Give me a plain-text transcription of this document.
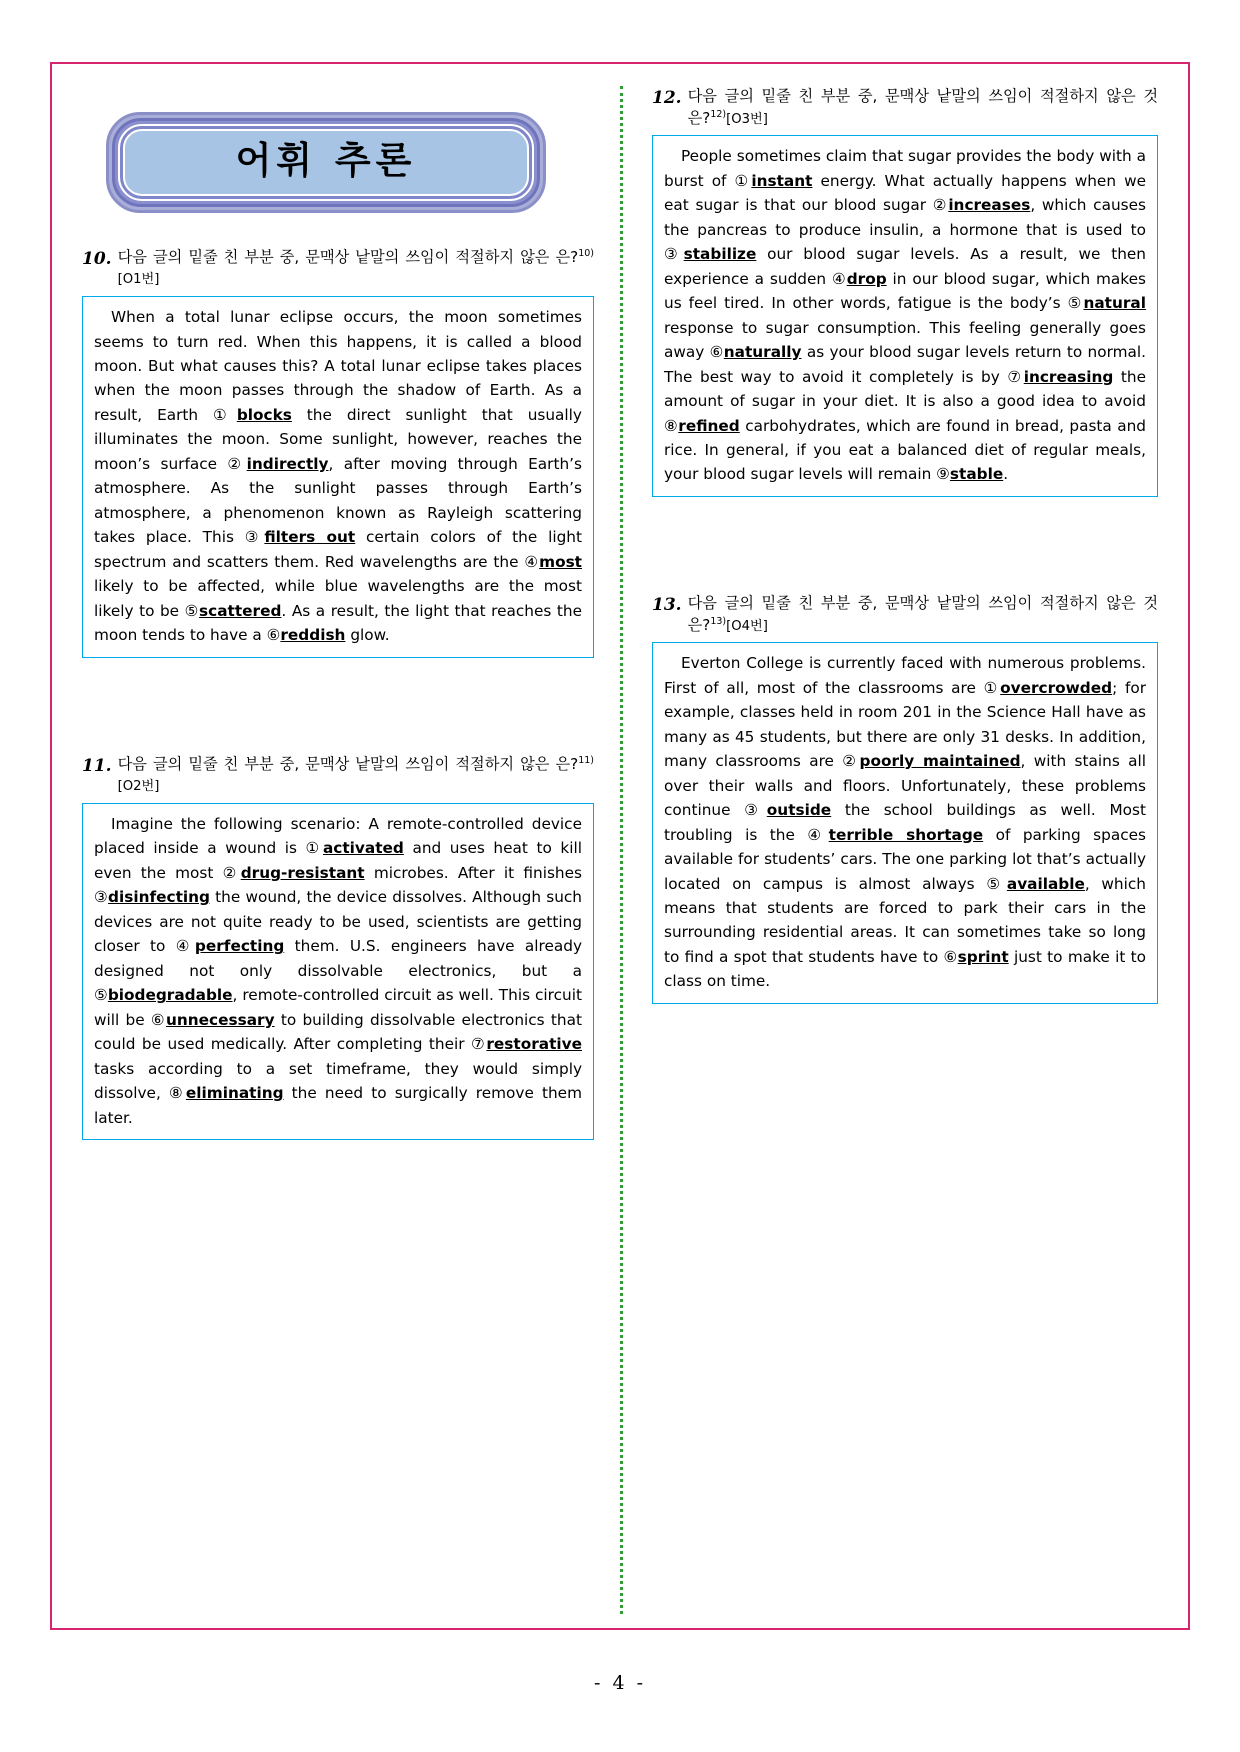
어휘 추론
10. 다음 글의 밑줄 친 부분 중, 문맥상 낱말의 쓰임이 적절하지 않은 은?$^{10)}$[O1번]
When a total lunar eclipse occurs, the moon sometimes seems to turn red. When this happens, it is called a blood moon. But what causes this? A total lunar eclipse takes places when the moon passes through the shadow of Earth. As a result, Earth ①blocks the direct sunlight that usually illuminates the moon. Some sunlight, however, reaches the moon’s surface ②indirectly, after moving through Earth’s atmosphere. As the sunlight passes through Earth’s atmosphere, a phenomenon known as Rayleigh scattering takes place. This ③filters out certain colors of the light spectrum and scatters them. Red wavelengths are the ④most likely to be affected, while blue wavelengths are the most likely to be ⑤scattered. As a result, the light that reaches the moon tends to have a ⑥reddish glow.
11. 다음 글의 밑줄 친 부분 중, 문맥상 낱말의 쓰임이 적절하지 않은 은?$^{11)}$[O2번]
Imagine the following scenario: A remote-controlled device placed inside a wound is ①activated and uses heat to kill even the most ②drug-resistant microbes. After it finishes ③disinfecting the wound, the device dissolves. Although such devices are not quite ready to be used, scientists are getting closer to ④perfecting them. U.S. engineers have already designed not only dissolvable electronics, but a ⑤biodegradable, remote-controlled circuit as well. This circuit will be ⑥unnecessary to building dissolvable electronics that could be used medically. After completing their ⑦restorative tasks according to a set timeframe, they would simply dissolve, ⑧eliminating the need to surgically remove them later.
12. 다음 글의 밑줄 친 부분 중, 문맥상 낱말의 쓰임이 적절하지 않은 것 은?$^{12)}$[O3번]
People sometimes claim that sugar provides the body with a burst of ①instant energy. What actually happens when we eat sugar is that our blood sugar ②increases, which causes the pancreas to produce insulin, a hormone that is used to ③stabilize our blood sugar levels. As a result, we then experience a sudden ④drop in our blood sugar, which makes us feel tired. In other words, fatigue is the body’s ⑤natural response to sugar consumption. This feeling generally goes away ⑥naturally as your blood sugar levels return to normal. The best way to avoid it completely is by ⑦increasing the amount of sugar in your diet. It is also a good idea to avoid ⑧refined carbohydrates, which are found in bread, pasta and rice. In general, if you eat a balanced diet of regular meals, your blood sugar levels will remain ⑨stable.
13. 다음 글의 밑줄 친 부분 중, 문맥상 낱말의 쓰임이 적절하지 않은 것 은?$^{13)}$[O4번]
Everton College is currently faced with numerous problems. First of all, most of the classrooms are ①overcrowded; for example, classes held in room 201 in the Science Hall have as many as 45 students, but there are only 31 desks. In addition, many classrooms are ②poorly maintained, with stains all over their walls and floors. Unfortunately, these problems continue ③outside the school buildings as well. Most troubling is the ④terrible shortage of parking spaces available for students’ cars. The one parking lot that’s actually located on campus is almost always ⑤available, which means that students are forced to park their cars in the surrounding residential areas. It can sometimes take so long to find a spot that students have to ⑥sprint just to make it to class on time.
- 4 -
